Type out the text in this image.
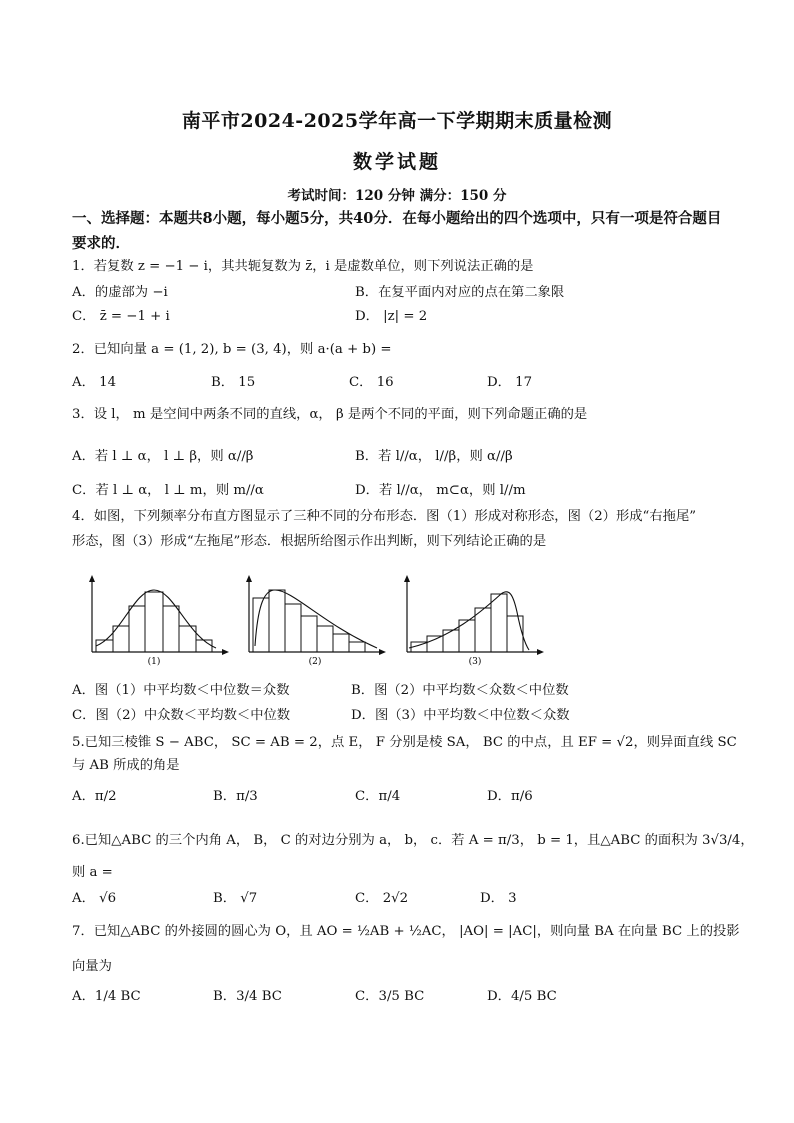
南平市2024-2025学年高一下学期期末质量检测
数学试题
考试时间：120 分钟 满分：150 分
一、选择题：本题共8小题，每小题5分，共40分．在每小题给出的四个选项中，只有一项是符合题目要求的．
1．若复数 z = −1 − i，其共轭复数为 z̄，i 是虚数单位，则下列说法正确的是
A．的虚部为 −i	B．在复平面内对应的点在第二象限
C． z̄ = −1 + i	D． |z| = 2
2．已知向量 a = (1, 2), b = (3, 4)，则 a·(a + b) =
A． 14	B． 15	C． 16	D． 17
3．设 l， m 是空间中两条不同的直线，α， β 是两个不同的平面，则下列命题正确的是
A．若 l ⊥ α， l ⊥ β，则 α//β	B．若 l//α， l//β，则 α//β
C．若 l ⊥ α， l ⊥ m，则 m//α	D．若 l//α， m⊂α，则 l//m
4．如图，下列频率分布直方图显示了三种不同的分布形态．图（1）形成对称形态，图（2）形成“右拖尾”
形态，图（3）形成“左拖尾”形态．根据所给图示作出判断，则下列结论正确的是
(1)	(2)	(3)
A．图（1）中平均数＜中位数＝众数	B．图（2）中平均数＜众数＜中位数
C．图（2）中众数＜平均数＜中位数	D．图（3）中平均数＜中位数＜众数
5.已知三棱锥 S − ABC， SC = AB = 2，点 E， F 分别是棱 SA， BC 的中点，且 EF = √2，则异面直线 SC
与 AB 所成的角是
A．π/2	B．π/3	C．π/4	D．π/6
6.已知△ABC 的三个内角 A， B， C 的对边分别为 a， b， c．若 A = π/3， b = 1，且△ABC 的面积为 3√3/4，
则 a =
A． √6	B． √7	C． 2√2	D． 3
7．已知△ABC 的外接圆的圆心为 O，且 AO = ½AB + ½AC， |AO| = |AC|，则向量 BA 在向量 BC 上的投影
向量为
A．1/4 BC	B．3/4 BC	C．3/5 BC	D．4/5 BC
